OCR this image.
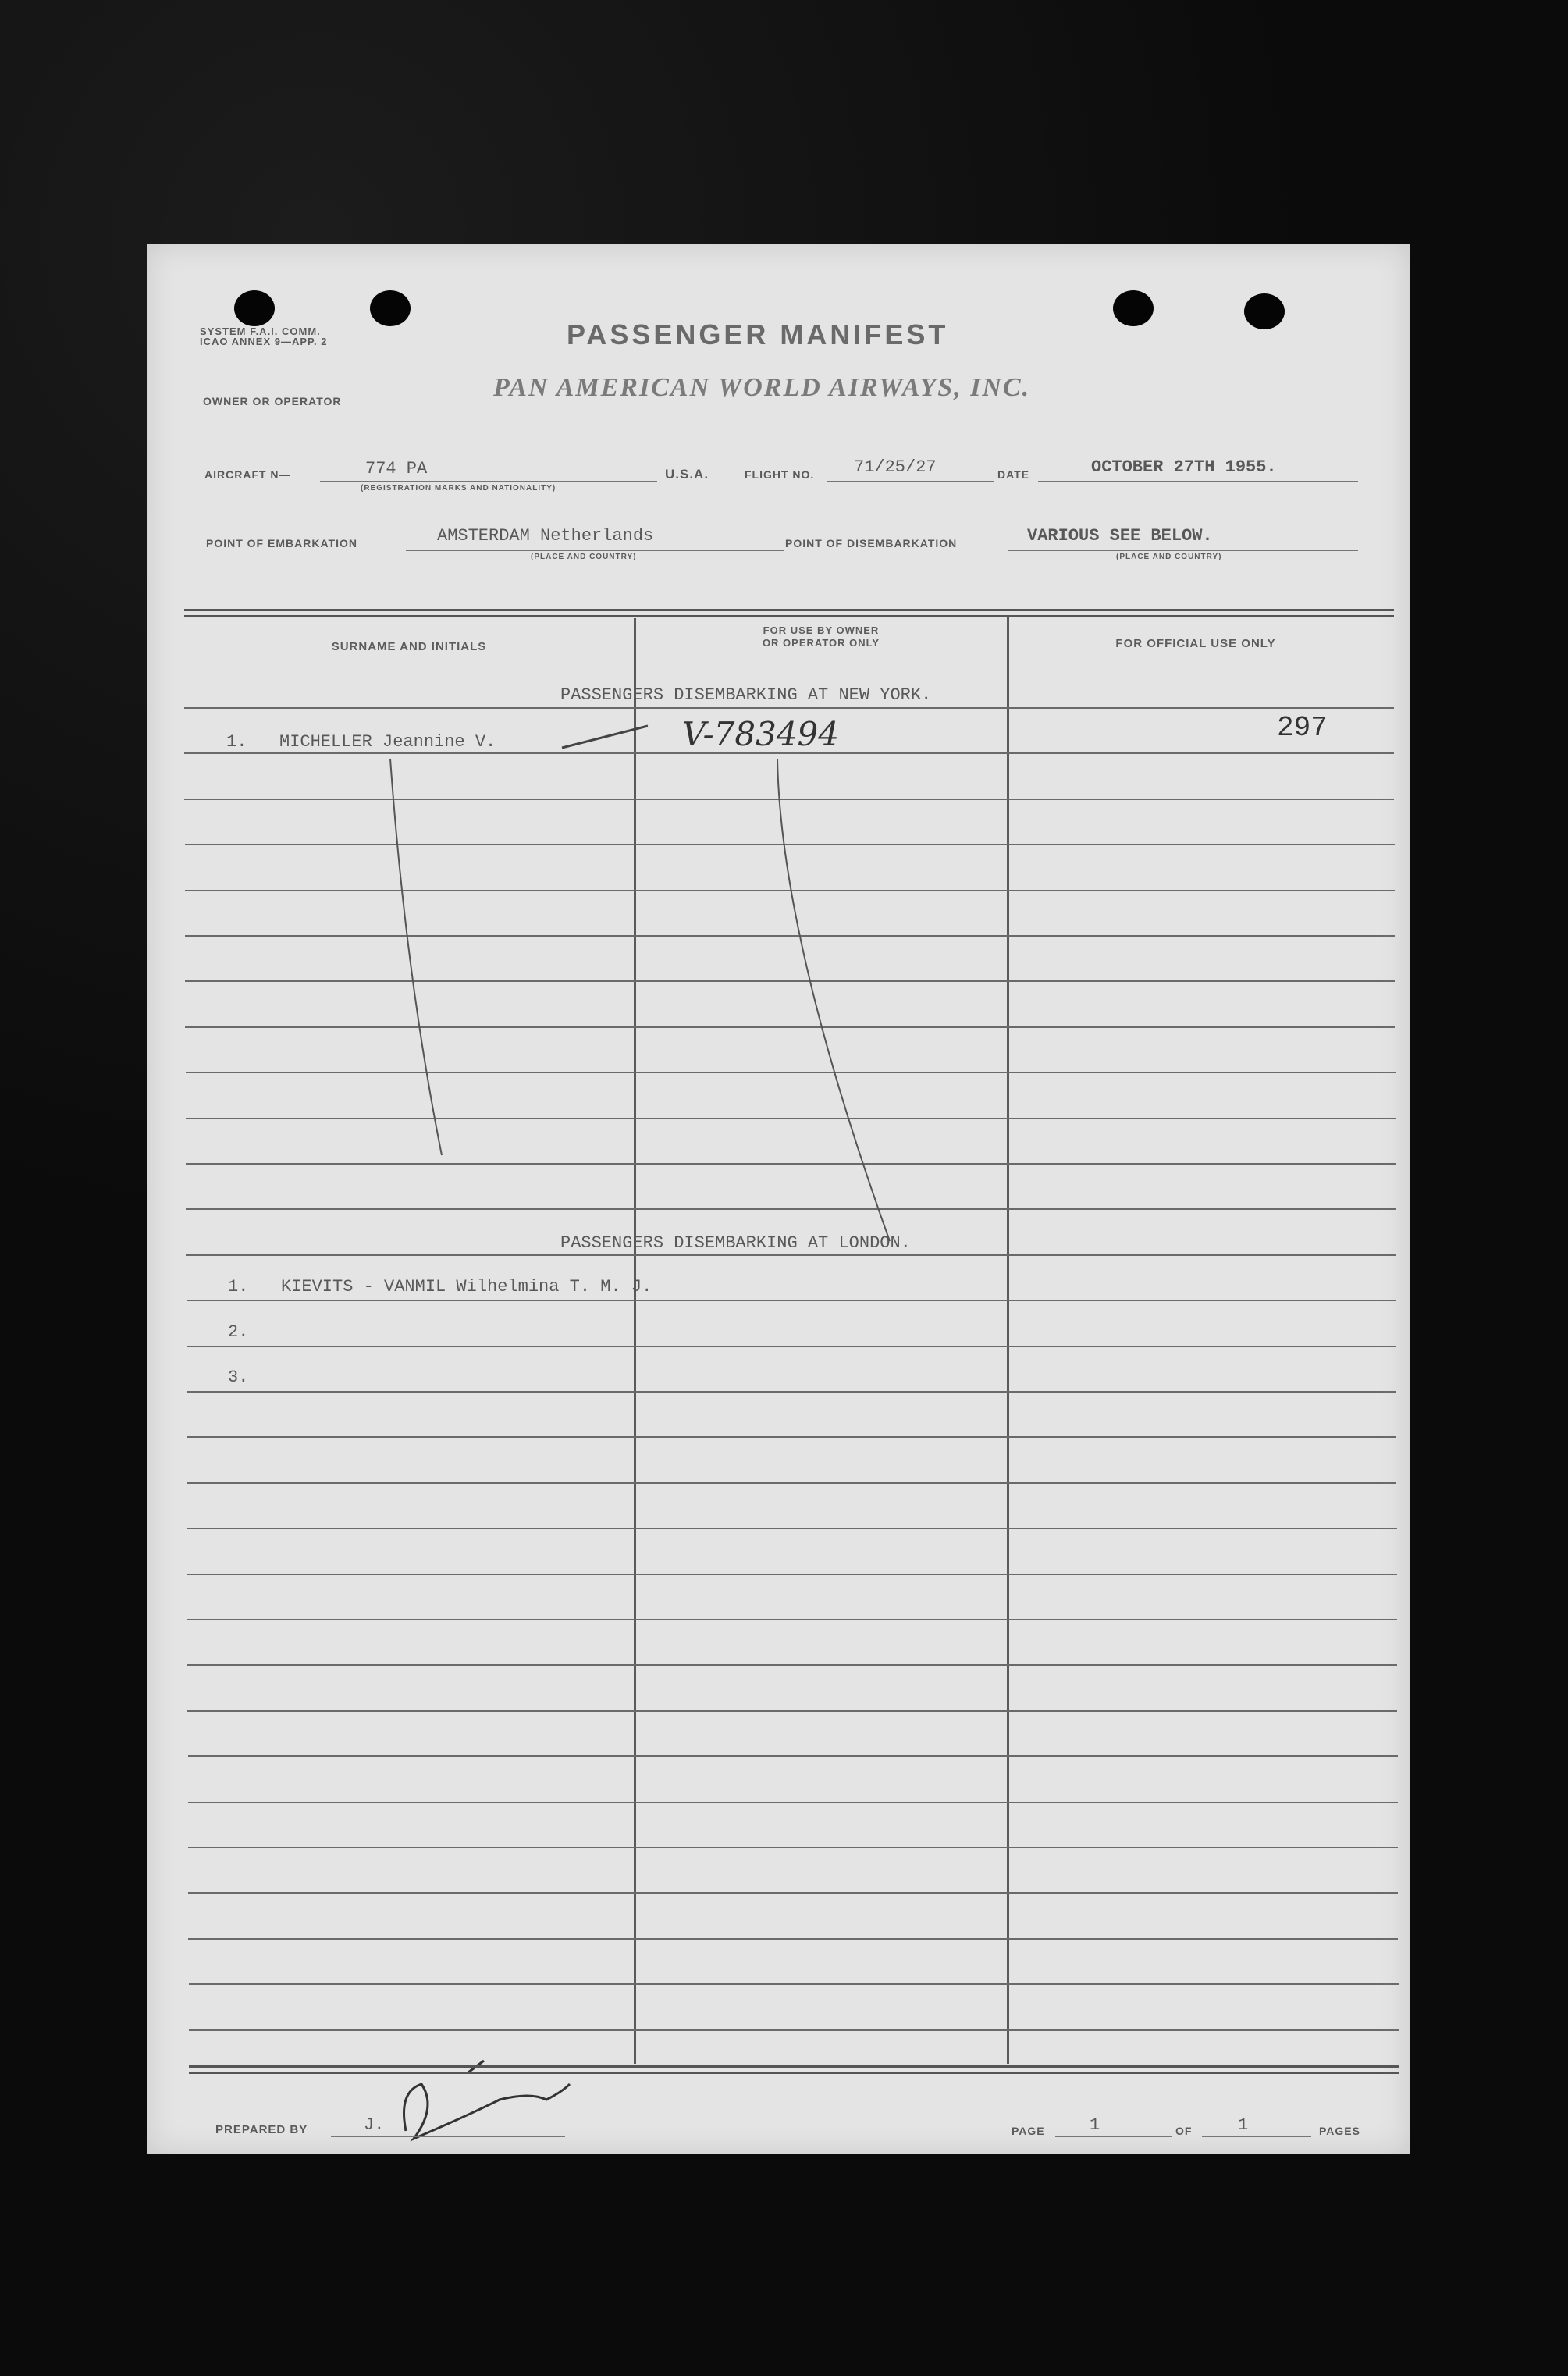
SYSTEM F.A.I. COMM.
ICAO ANNEX 9—APP. 2	PASSENGER MANIFEST
OWNER OR OPERATOR	PAN AMERICAN WORLD AIRWAYS, INC.
AIRCRAFT N—	774 PA
(REGISTRATION MARKS AND NATIONALITY)
U.S.A.	FLIGHT NO. 71/25/27	DATE	OCTOBER 27TH 1955.
POINT OF EMBARKATION	AMSTERDAM Netherlands
(PLACE AND COUNTRY)
POINT OF DISEMBARKATION	VARIOUS SEE BELOW.
(PLACE AND COUNTRY)
SURNAME AND INITIALS
FOR USE BY OWNER
OR OPERATOR ONLY	FOR OFFICIAL USE ONLY
PASSENGERS DISEMBARKING AT NEW YORK.
1. MICHELLER Jeannine V.	V-783494	297
PASSENGERS DISEMBARKING AT LONDON.
1. KIEVITS - VANMIL Wilhelmina T. M. J.
2.
3.
PREPARED BY	J.	PAGE	1	OF	1	PAGES
